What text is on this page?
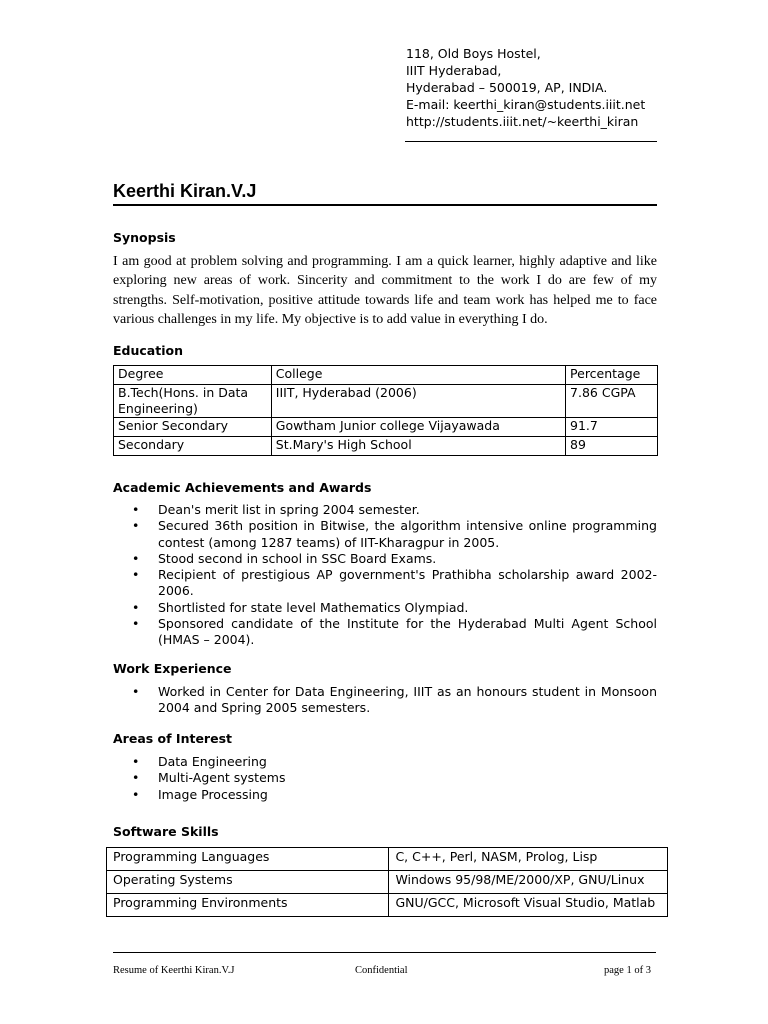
118, Old Boys Hostel,
IIIT Hyderabad,
Hyderabad – 500019, AP, INDIA.
E-mail: keerthi_kiran@students.iiit.net
http://students.iiit.net/~keerthi_kiran
Keerthi Kiran.V.J
Synopsis

I am good at problem solving and programming. I am a quick learner, highly adaptive and like exploring new areas of work. Sincerity and commitment to the work I do are few of my strengths. Self-motivation, positive attitude towards life and team work has helped me to face various challenges in my life. My objective is to add value in everything I do.

Education
Degree	College	Percentage
B.Tech(Hons. in Data Engineering)	IIIT, Hyderabad (2006)	7.86 CGPA
Senior Secondary	Gowtham Junior college Vijayawada	91.7
Secondary	St.Mary's High School	89
Academic Achievements and Awards
• Dean's merit list in spring 2004 semester.
• Secured 36th position in Bitwise, the algorithm intensive online programming contest (among 1287 teams) of IIT-Kharagpur in 2005.
• Stood second in school in SSC Board Exams.
• Recipient of prestigious AP government's Prathibha scholarship award 2002-2006.
• Shortlisted for state level Mathematics Olympiad.
• Sponsored candidate of the Institute for the Hyderabad Multi Agent School (HMAS – 2004).
Work Experience
• Worked in Center for Data Engineering, IIIT as an honours student in Monsoon 2004 and Spring 2005 semesters.
Areas of Interest
• Data Engineering
• Multi-Agent systems
• Image Processing
Software Skills
Programming Languages	C, C++, Perl, NASM, Prolog, Lisp
Operating Systems	Windows 95/98/ME/2000/XP, GNU/Linux
Programming Environments	GNU/GCC, Microsoft Visual Studio, Matlab
Resume of Keerthi Kiran.V.J	Confidential	page 1 of 3
